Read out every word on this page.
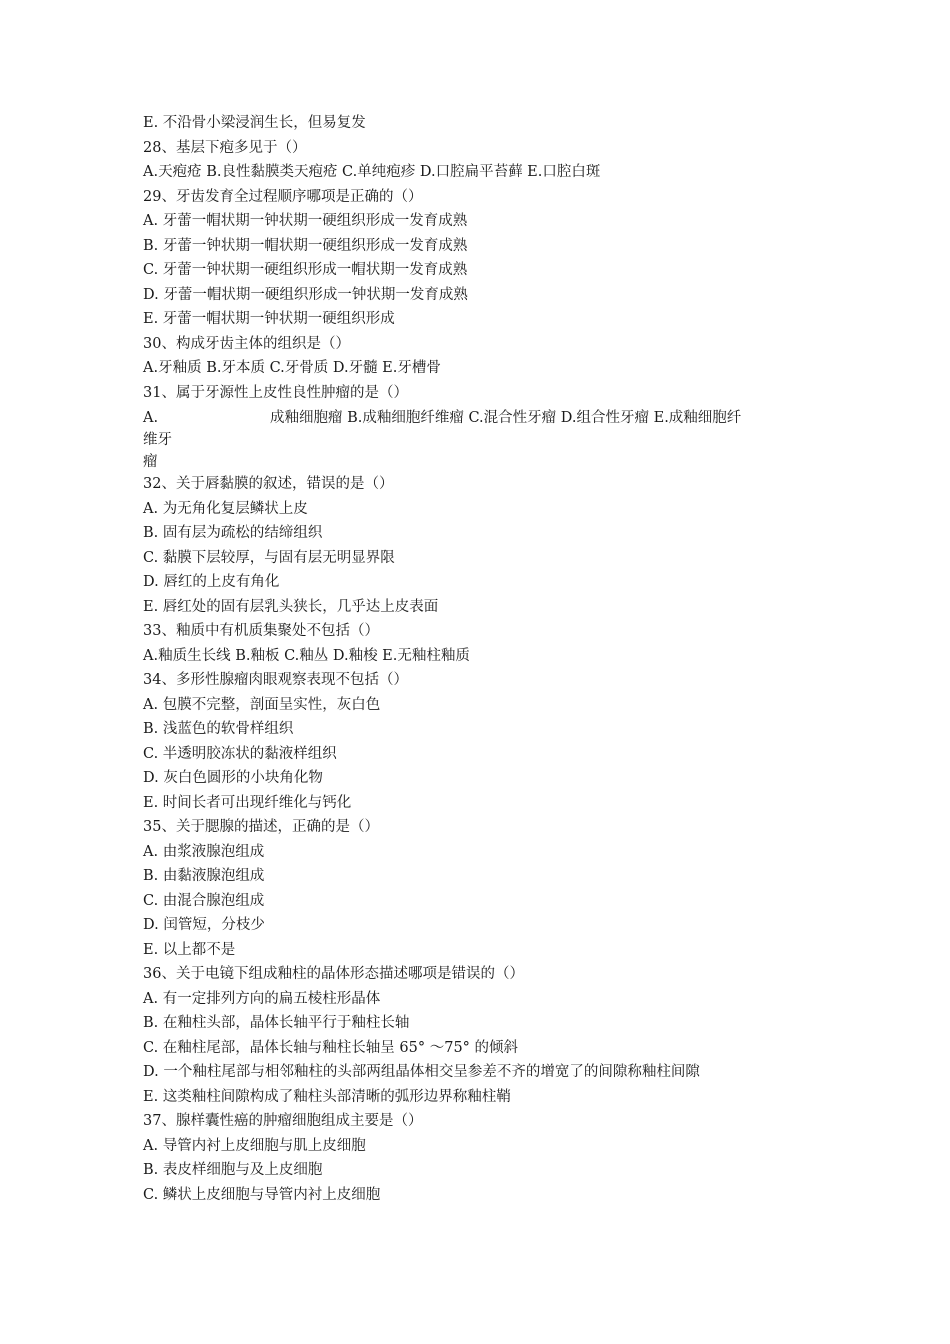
E. 不沿骨小梁浸润生长，但易复发
28、基层下疱多见于（）
A.天疱疮 B.良性黏膜类天疱疮 C.单纯疱疹 D.口腔扁平苔藓 E.口腔白斑
29、牙齿发育全过程顺序哪项是正确的（）
A. 牙蕾一帽状期一钟状期一硬组织形成一发育成熟
B. 牙蕾一钟状期一帽状期一硬组织形成一发育成熟
C. 牙蕾一钟状期一硬组织形成一帽状期一发育成熟
D. 牙蕾一帽状期一硬组织形成一钟状期一发育成熟
E. 牙蕾一帽状期一钟状期一硬组织形成
30、构成牙齿主体的组织是（）
A.牙釉质 B.牙本质 C.牙骨质 D.牙髓 E.牙槽骨
31、属于牙源性上皮性良性肿瘤的是（）
A.	成釉细胞瘤 B.成釉细胞纤维瘤 C.混合性牙瘤 D.组合性牙瘤 E.成釉细胞纤
维牙
瘤
32、关于唇黏膜的叙述，错误的是（）
A. 为无角化复层鳞状上皮
B. 固有层为疏松的结缔组织
C. 黏膜下层较厚，与固有层无明显界限
D. 唇红的上皮有角化
E. 唇红处的固有层乳头狭长，几乎达上皮表面
33、釉质中有机质集聚处不包括（）
A.釉质生长线 B.釉板 C.釉丛 D.釉梭 E.无釉柱釉质
34、多形性腺瘤肉眼观察表现不包括（）
A. 包膜不完整，剖面呈实性，灰白色
B. 浅蓝色的软骨样组织
C. 半透明胶冻状的黏液样组织
D. 灰白色圆形的小块角化物
E. 时间长者可出现纤维化与钙化
35、关于腮腺的描述，正确的是（）
A. 由浆液腺泡组成
B. 由黏液腺泡组成
C. 由混合腺泡组成
D. 闰管短，分枝少
E. 以上都不是
36、关于电镜下组成釉柱的晶体形态描述哪项是错误的（）
A. 有一定排列方向的扁五棱柱形晶体
B. 在釉柱头部，晶体长轴平行于釉柱长轴
C. 在釉柱尾部，晶体长轴与釉柱长轴呈 65° 〜75° 的倾斜
D. 一个釉柱尾部与相邻釉柱的头部两组晶体相交呈参差不齐的增宽了的间隙称釉柱间隙
E. 这类釉柱间隙构成了釉柱头部清晰的弧形边界称釉柱鞘
37、腺样囊性癌的肿瘤细胞组成主要是（）
A. 导管内衬上皮细胞与肌上皮细胞
B. 表皮样细胞与及上皮细胞
C. 鳞状上皮细胞与导管内衬上皮细胞
